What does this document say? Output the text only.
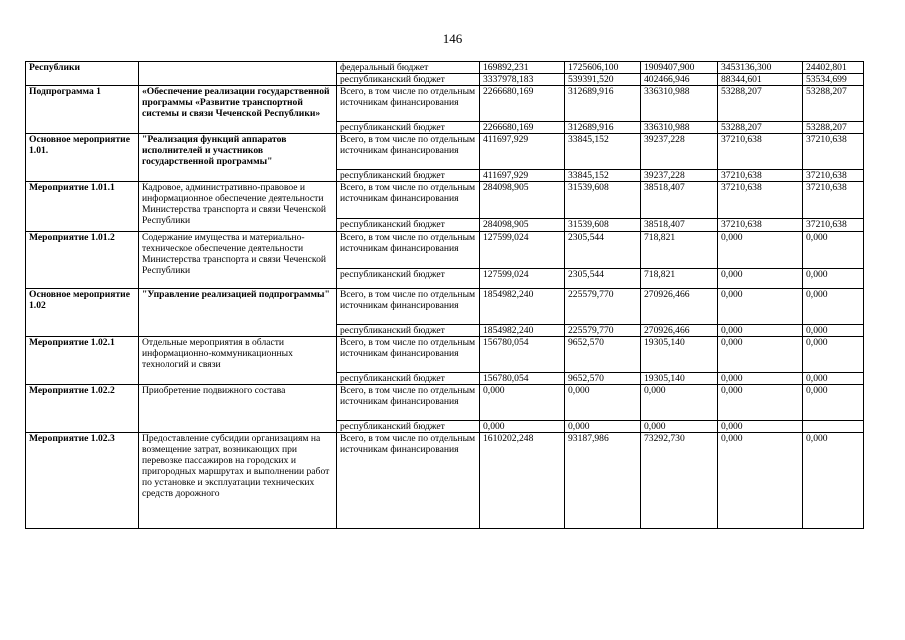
146
Республики		федеральный бюджет	169892,231	1725606,100	1909407,900	3453136,300	24402,801
		республиканский бюджет	3337978,183	539391,520	402466,946	88344,601	53534,699
Подпрограмма 1	«Обеспечение реализации государственной программы «Развитие транспортной системы и связи Чеченской Республики»	Всего, в том числе по отдельным источникам финансирования	2266680,169	312689,916	336310,988	53288,207	53288,207
		республиканский бюджет	2266680,169	312689,916	336310,988	53288,207	53288,207
Основное мероприятие 1.01.	"Реализация функций аппаратов исполнителей и участников государственной программы"	Всего, в том числе по отдельным источникам финансирования	411697,929	33845,152	39237,228	37210,638	37210,638
		республиканский бюджет	411697,929	33845,152	39237,228	37210,638	37210,638
Мероприятие 1.01.1	Кадровое, административно-правовое и информационное обеспечение деятельности Министерства транспорта и связи Чеченской Республики	Всего, в том числе по отдельным источникам финансирования	284098,905	31539,608	38518,407	37210,638	37210,638
		республиканский бюджет	284098,905	31539,608	38518,407	37210,638	37210,638
Мероприятие 1.01.2	Содержание имущества и материально-техническое обеспечение деятельности Министерства транспорта и связи Чеченской Республики	Всего, в том числе по отдельным источникам финансирования	127599,024	2305,544	718,821	0,000	0,000
		республиканский бюджет	127599,024	2305,544	718,821	0,000	0,000
Основное мероприятие 1.02	"Управление реализацией подпрограммы"	Всего, в том числе по отдельным источникам финансирования	1854982,240	225579,770	270926,466	0,000	0,000
		республиканский бюджет	1854982,240	225579,770	270926,466	0,000	0,000
Мероприятие 1.02.1	Отдельные мероприятия в области информационно-коммуникационных технологий и связи	Всего, в том числе по отдельным источникам финансирования	156780,054	9652,570	19305,140	0,000	0,000
		республиканский бюджет	156780,054	9652,570	19305,140	0,000	0,000
Мероприятие 1.02.2	Приобретение подвижного состава	Всего, в том числе по отдельным источникам финансирования	0,000	0,000	0,000	0,000	0,000
		республиканский бюджет	0,000	0,000	0,000	0,000	
Мероприятие 1.02.3	Предоставление субсидии организациям на возмещение затрат, возникающих при перевозке пассажиров на городских и пригородных маршрутах и выполнении работ по установке и эксплуатации технических средств дорожного	Всего, в том числе по отдельным источникам финансирования	1610202,248	93187,986	73292,730	0,000	0,000
